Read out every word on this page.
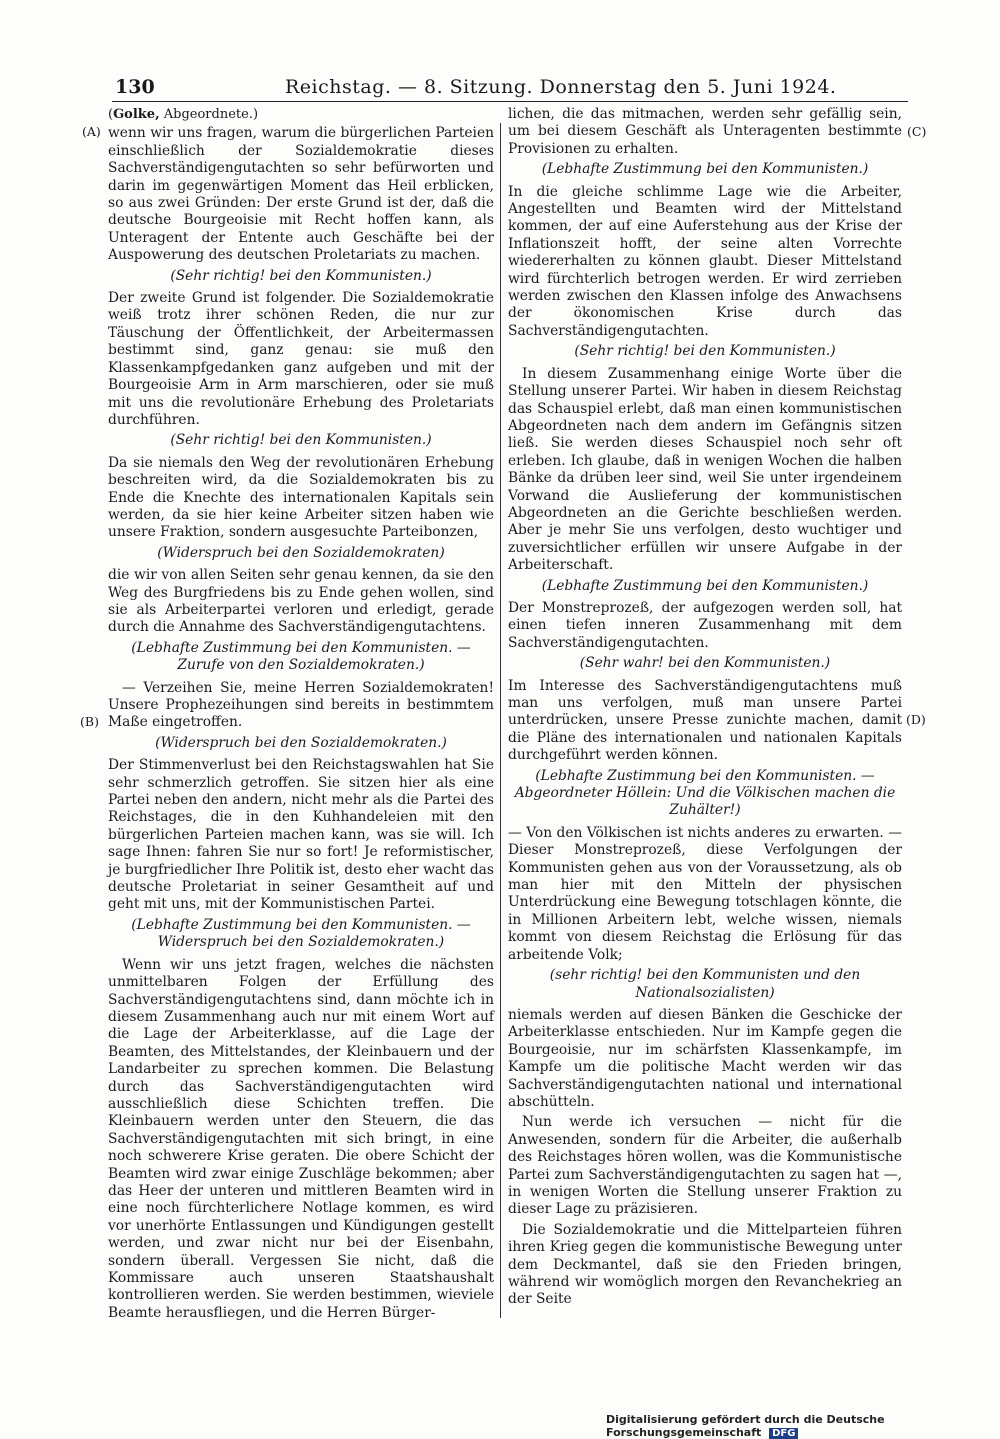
130	Reichstag. — 8. Sitzung. Donnerstag den 5. Juni 1924.
(A)
(B)
(C)
(D)

(Golke, Abgeordnete.)

wenn wir uns fragen, warum die bürgerlichen Parteien einschließlich der Sozialdemokratie dieses Sachverständigengutachten so sehr befürworten und darin im gegenwärtigen Moment das Heil erblicken, so aus zwei Gründen: Der erste Grund ist der, daß die deutsche Bourgeoisie mit Recht hoffen kann, als Unteragent der Entente auch Geschäfte bei der Auspowerung des deutschen Proletariats zu machen.

(Sehr richtig! bei den Kommunisten.)

Der zweite Grund ist folgender. Die Sozialdemokratie weiß trotz ihrer schönen Reden, die nur zur Täuschung der Öffentlichkeit, der Arbeitermassen bestimmt sind, ganz genau: sie muß den Klassenkampfgedanken ganz aufgeben und mit der Bourgeoisie Arm in Arm marschieren, oder sie muß mit uns die revolutionäre Erhebung des Proletariats durchführen.

(Sehr richtig! bei den Kommunisten.)

Da sie niemals den Weg der revolutionären Erhebung beschreiten wird, da die Sozialdemokraten bis zu Ende die Knechte des internationalen Kapitals sein werden, da sie hier keine Arbeiter sitzen haben wie unsere Fraktion, sondern ausgesuchte Parteibonzen,

(Widerspruch bei den Sozialdemokraten)

die wir von allen Seiten sehr genau kennen, da sie den Weg des Burgfriedens bis zu Ende gehen wollen, sind sie als Arbeiterpartei verloren und erledigt, gerade durch die Annahme des Sachverständigengutachtens.

(Lebhafte Zustimmung bei den Kommunisten. — Zurufe von den Sozialdemokraten.)

— Verzeihen Sie, meine Herren Sozialdemokraten! Unsere Prophezeihungen sind bereits in bestimmtem Maße eingetroffen.

(Widerspruch bei den Sozialdemokraten.)

Der Stimmenverlust bei den Reichstagswahlen hat Sie sehr schmerzlich getroffen. Sie sitzen hier als eine Partei neben den andern, nicht mehr als die Partei des Reichstages, die in den Kuhhandeleien mit den bürgerlichen Parteien machen kann, was sie will. Ich sage Ihnen: fahren Sie nur so fort! Je reformistischer, je burgfriedlicher Ihre Politik ist, desto eher wacht das deutsche Proletariat in seiner Gesamtheit auf und geht mit uns, mit der Kommunistischen Partei.

(Lebhafte Zustimmung bei den Kommunisten. — Widerspruch bei den Sozialdemokraten.)

Wenn wir uns jetzt fragen, welches die nächsten unmittelbaren Folgen der Erfüllung des Sachverständigengutachtens sind, dann möchte ich in diesem Zusammenhang auch nur mit einem Wort auf die Lage der Arbeiterklasse, auf die Lage der Beamten, des Mittelstandes, der Kleinbauern und der Landarbeiter zu sprechen kommen. Die Belastung durch das Sachverständigengutachten wird ausschließlich diese Schichten treffen. Die Kleinbauern werden unter den Steuern, die das Sachverständigengutachten mit sich bringt, in eine noch schwerere Krise geraten. Die obere Schicht der Beamten wird zwar einige Zuschläge bekommen; aber das Heer der unteren und mittleren Beamten wird in eine noch fürchterlichere Notlage kommen, es wird vor unerhörte Entlassungen und Kündigungen gestellt werden, und zwar nicht nur bei der Eisenbahn, sondern überall. Vergessen Sie nicht, daß die Kommissare auch unseren Staatshaushalt kontrollieren werden. Sie werden bestimmen, wieviele Beamte herausfliegen, und die Herren Bürger-

lichen, die das mitmachen, werden sehr gefällig sein, um bei diesem Geschäft als Unteragenten bestimmte Provisionen zu erhalten.

(Lebhafte Zustimmung bei den Kommunisten.)

In die gleiche schlimme Lage wie die Arbeiter, Angestellten und Beamten wird der Mittelstand kommen, der auf eine Auferstehung aus der Krise der Inflationszeit hofft, der seine alten Vorrechte wiedererhalten zu können glaubt. Dieser Mittelstand wird fürchterlich betrogen werden. Er wird zerrieben werden zwischen den Klassen infolge des Anwachsens der ökonomischen Krise durch das Sachverständigengutachten.

(Sehr richtig! bei den Kommunisten.)

In diesem Zusammenhang einige Worte über die Stellung unserer Partei. Wir haben in diesem Reichstag das Schauspiel erlebt, daß man einen kommunistischen Abgeordneten nach dem andern im Gefängnis sitzen ließ. Sie werden dieses Schauspiel noch sehr oft erleben. Ich glaube, daß in wenigen Wochen die halben Bänke da drüben leer sind, weil Sie unter irgendeinem Vorwand die Auslieferung der kommunistischen Abgeordneten an die Gerichte beschließen werden. Aber je mehr Sie uns verfolgen, desto wuchtiger und zuversichtlicher erfüllen wir unsere Aufgabe in der Arbeiterschaft.

(Lebhafte Zustimmung bei den Kommunisten.)

Der Monstreprozeß, der aufgezogen werden soll, hat einen tiefen inneren Zusammenhang mit dem Sachverständigengutachten.

(Sehr wahr! bei den Kommunisten.)

Im Interesse des Sachverständigengutachtens muß man uns verfolgen, muß man unsere Partei unterdrücken, unsere Presse zunichte machen, damit die Pläne des internationalen und nationalen Kapitals durchgeführt werden können.

(Lebhafte Zustimmung bei den Kommunisten. — Abgeordneter Höllein: Und die Völkischen machen die Zuhälter!)

— Von den Völkischen ist nichts anderes zu erwarten. — Dieser Monstreprozeß, diese Verfolgungen der Kommunisten gehen aus von der Voraussetzung, als ob man hier mit den Mitteln der physischen Unterdrückung eine Bewegung totschlagen könnte, die in Millionen Arbeitern lebt, welche wissen, niemals kommt von diesem Reichstag die Erlösung für das arbeitende Volk;

(sehr richtig! bei den Kommunisten und den Nationalsozialisten)

niemals werden auf diesen Bänken die Geschicke der Arbeiterklasse entschieden. Nur im Kampfe gegen die Bourgeoisie, nur im schärfsten Klassenkampfe, im Kampfe um die politische Macht werden wir das Sachverständigengutachten national und international abschütteln.

Nun werde ich versuchen — nicht für die Anwesenden, sondern für die Arbeiter, die außerhalb des Reichstages hören wollen, was die Kommunistische Partei zum Sachverständigengutachten zu sagen hat —, in wenigen Worten die Stellung unserer Fraktion zu dieser Lage zu präzisieren.

Die Sozialdemokratie und die Mittelparteien führen ihren Krieg gegen die kommunistische Bewegung unter dem Deckmantel, daß sie den Frieden bringen, während wir womöglich morgen den Revanchekrieg an der Seite

Digitalisierung gefördert durch die Deutsche Forschungsgemeinschaft DFG
